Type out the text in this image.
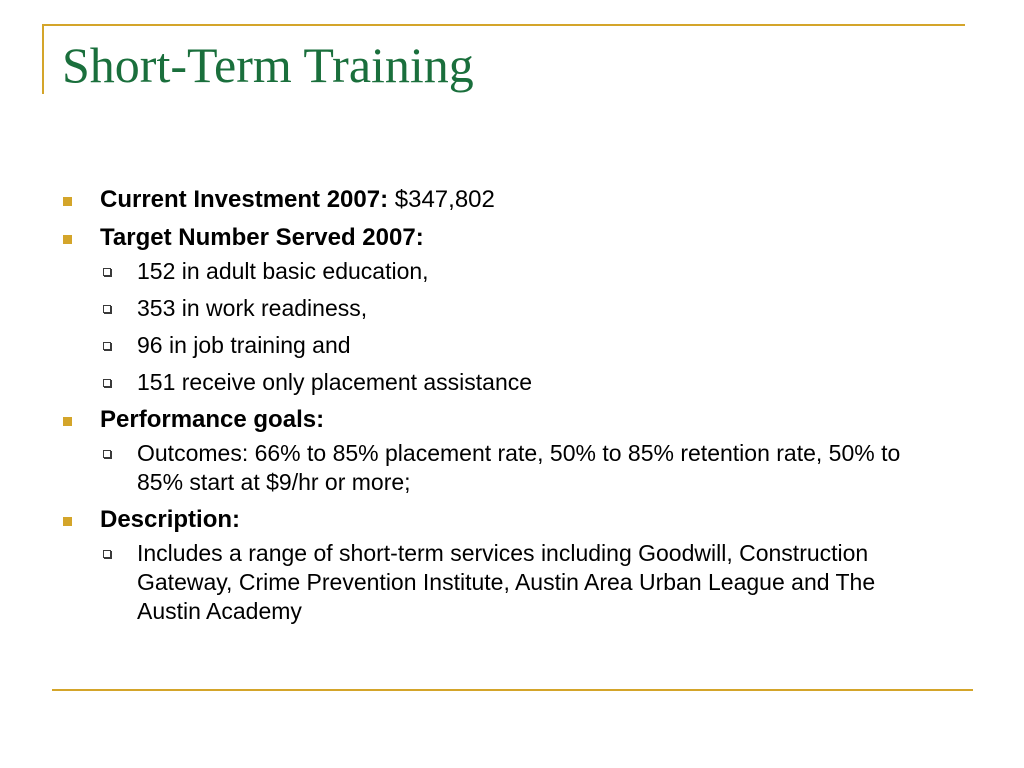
Short-Term Training
Current Investment 2007: $347,802
Target Number Served 2007:
152 in adult basic education,
353 in work readiness,
96 in job training and
151 receive only placement assistance
Performance goals:
Outcomes: 66% to 85% placement rate, 50% to 85% retention rate, 50% to 85% start at $9/hr or more;
Description:
Includes a range of short-term services including Goodwill, Construction Gateway, Crime Prevention Institute, Austin Area Urban League and The Austin Academy
